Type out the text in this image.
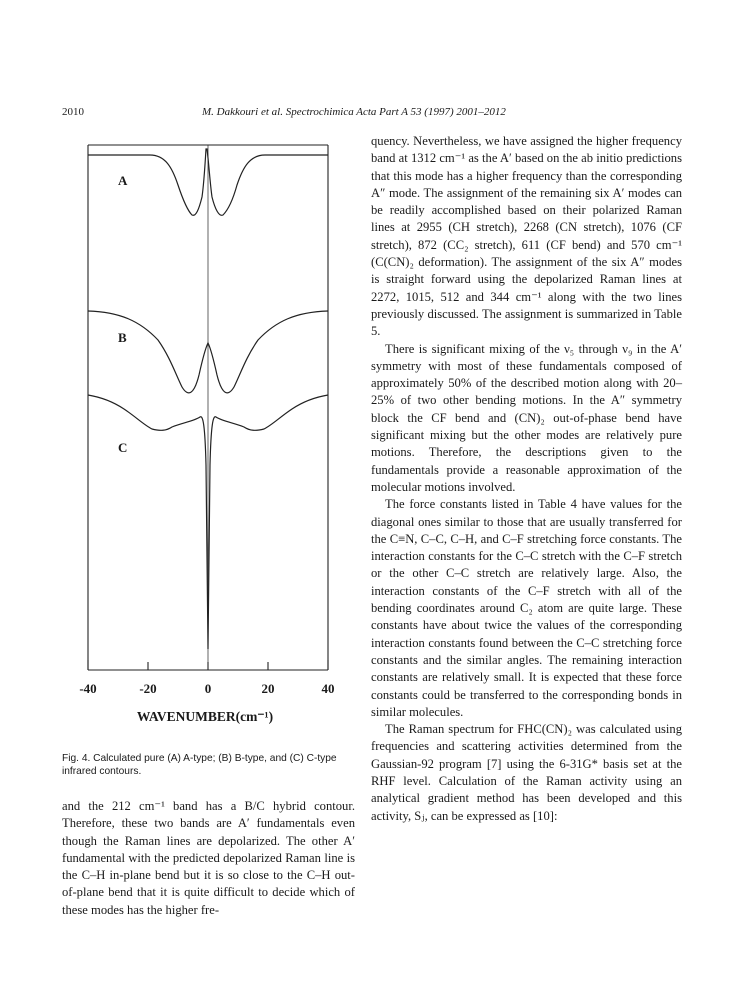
2010	M. Dakkouri et al. Spectrochimica Acta Part A 53 (1997) 2001–2012
A
B
C
-40	-20	0	20	40
WAVENUMBER(cm⁻¹)
Fig. 4. Calculated pure (A) A-type; (B) B-type, and (C) C-type infrared contours.

and the 212 cm⁻¹ band has a B/C hybrid contour. Therefore, these two bands are A′ fundamentals even though the Raman lines are depolarized. The other A′ fundamental with the predicted depolarized Raman line is the C–H in-plane bend but it is so close to the C–H out-of-plane bend that it is quite difficult to decide which of these modes has the higher fre-

quency. Nevertheless, we have assigned the higher frequency band at 1312 cm⁻¹ as the A′ based on the ab initio predictions that this mode has a higher frequency than the corresponding A″ mode. The assignment of the remaining six A′ modes can be readily accomplished based on their polarized Raman lines at 2955 (CH stretch), 2268 (CN stretch), 1076 (CF stretch), 872 (CC₂ stretch), 611 (CF bend) and 570 cm⁻¹ (C(CN)₂ deformation). The assignment of the six A″ modes is straight forward using the depolarized Raman lines at 2272, 1015, 512 and 344 cm⁻¹ along with the two lines previously discussed. The assignment is summarized in Table 5.

There is significant mixing of the ν₅ through ν₉ in the A′ symmetry with most of these fundamentals composed of approximately 50% of the described motion along with 20–25% of two other bending motions. In the A″ symmetry block the CF bend and (CN)₂ out-of-phase bend have significant mixing but the other modes are relatively pure motions. Therefore, the descriptions given to the fundamentals provide a reasonable approximation of the molecular motions involved.

The force constants listed in Table 4 have values for the diagonal ones similar to those that are usually transferred for the C≡N, C–C, C–H, and C–F stretching force constants. The interaction constants for the C–C stretch with the C–F stretch or the other C–C stretch are relatively large. Also, the interaction constants of the C–F stretch with all of the bending coordinates around C₂ atom are quite large. These constants have about twice the values of the corresponding interaction constants found between the C–C stretching force constants and the similar angles. The remaining interaction constants are relatively small. It is expected that these force constants could be transferred to the corresponding bonds in similar molecules.

The Raman spectrum for FHC(CN)₂ was calculated using frequencies and scattering activities determined from the Gaussian-92 program [7] using the 6-31G* basis set at the RHF level. Calculation of the Raman activity using an analytical gradient method has been developed and this activity, Sⱼ, can be expressed as [10]:
